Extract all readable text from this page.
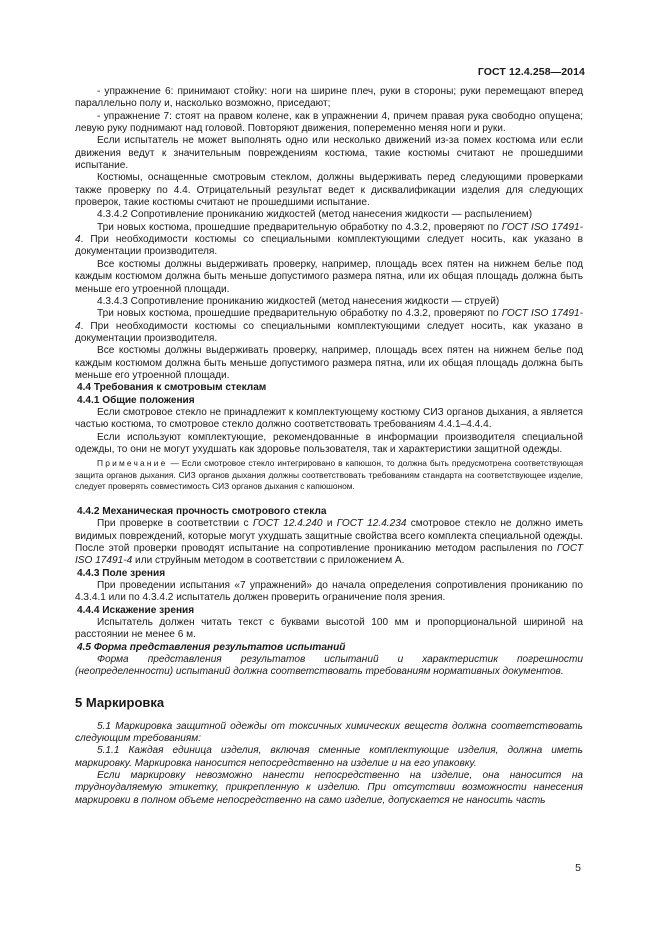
ГОСТ 12.4.258—2014

- упражнение 6: принимают стойку: ноги на ширине плеч, руки в стороны; руки перемещают вперед параллельно полу и, насколько возможно, приседают;

- упражнение 7: стоят на правом колене, как в упражнении 4, причем правая рука свободно опущена; левую руку поднимают над головой. Повторяют движения, попеременно меняя ноги и руки.

Если испытатель не может выполнять одно или несколько движений из-за помех костюма или если движения ведут к значительным повреждениям костюма, такие костюмы считают не прошедшими испытание.

Костюмы, оснащенные смотровым стеклом, должны выдерживать перед следующими проверками также проверку по 4.4. Отрицательный результат ведет к дисквалификации изделия для следующих проверок, такие костюмы считают не прошедшими испытание.

4.3.4.2 Сопротивление прониканию жидкостей (метод нанесения жидкости — распылением)

Три новых костюма, прошедшие предварительную обработку по 4.3.2, проверяют по ГОСТ ISO 17491-4. При необходимости костюмы со специальными комплектующими следует носить, как указано в документации производителя.

Все костюмы должны выдерживать проверку, например, площадь всех пятен на нижнем белье под каждым костюмом должна быть меньше допустимого размера пятна, или их общая площадь должна быть меньше его утроенной площади.

4.3.4.3 Сопротивление прониканию жидкостей (метод нанесения жидкости — струей)

Три новых костюма, прошедшие предварительную обработку по 4.3.2, проверяют по ГОСТ ISO 17491-4. При необходимости костюмы со специальными комплектующими следует носить, как указано в документации производителя.

Все костюмы должны выдерживать проверку, например, площадь всех пятен на нижнем белье под каждым костюмом должна быть меньше допустимого размера пятна, или их общая площадь должна быть меньше его утроенной площади.

4.4 Требования к смотровым стеклам

4.4.1 Общие положения

Если смотровое стекло не принадлежит к комплектующему костюму СИЗ органов дыхания, а является частью костюма, то смотровое стекло должно соответствовать требованиям 4.4.1–4.4.4.

Если используют комплектующие, рекомендованные в информации производителя специальной одежды, то они не могут ухудшать как здоровье пользователя, так и характеристики защитной одежды.

Примечание — Если смотровое стекло интегрировано в капюшон, то должна быть предусмотрена соответствующая защита органов дыхания. СИЗ органов дыхания должны соответствовать требованиям стандарта на соответствующее изделие, следует проверять совместимость СИЗ органов дыхания с капюшоном.

4.4.2 Механическая прочность смотрового стекла

При проверке в соответствии с ГОСТ 12.4.240 и ГОСТ 12.4.234 смотровое стекло не должно иметь видимых повреждений, которые могут ухудшать защитные свойства всего комплекта специальной одежды. После этой проверки проводят испытание на сопротивление прониканию методом распыления по ГОСТ ISO 17491-4 или струйным методом в соответствии с приложением А.

4.4.3 Поле зрения

При проведении испытания «7 упражнений» до начала определения сопротивления прониканию по 4.3.4.1 или по 4.3.4.2 испытатель должен проверить ограничение поля зрения.

4.4.4 Искажение зрения

Испытатель должен читать текст с буквами высотой 100 мм и пропорциональной шириной на расстоянии не менее 6 м.

4.5 Форма представления результатов испытаний

Форма представления результатов испытаний и характеристик погрешности (неопределенности) испытаний должна соответствовать требованиям нормативных документов.

5 Маркировка

5.1 Маркировка защитной одежды от токсичных химических веществ должна соответствовать следующим требованиям:

5.1.1 Каждая единица изделия, включая сменные комплектующие изделия, должна иметь маркировку. Маркировка наносится непосредственно на изделие и на его упаковку.

Если маркировку невозможно нанести непосредственно на изделие, она наносится на трудноудаляемую этикетку, прикрепленную к изделию. При отсутствии возможности нанесения маркировки в полном объеме непосредственно на само изделие, допускается не наносить часть

5
